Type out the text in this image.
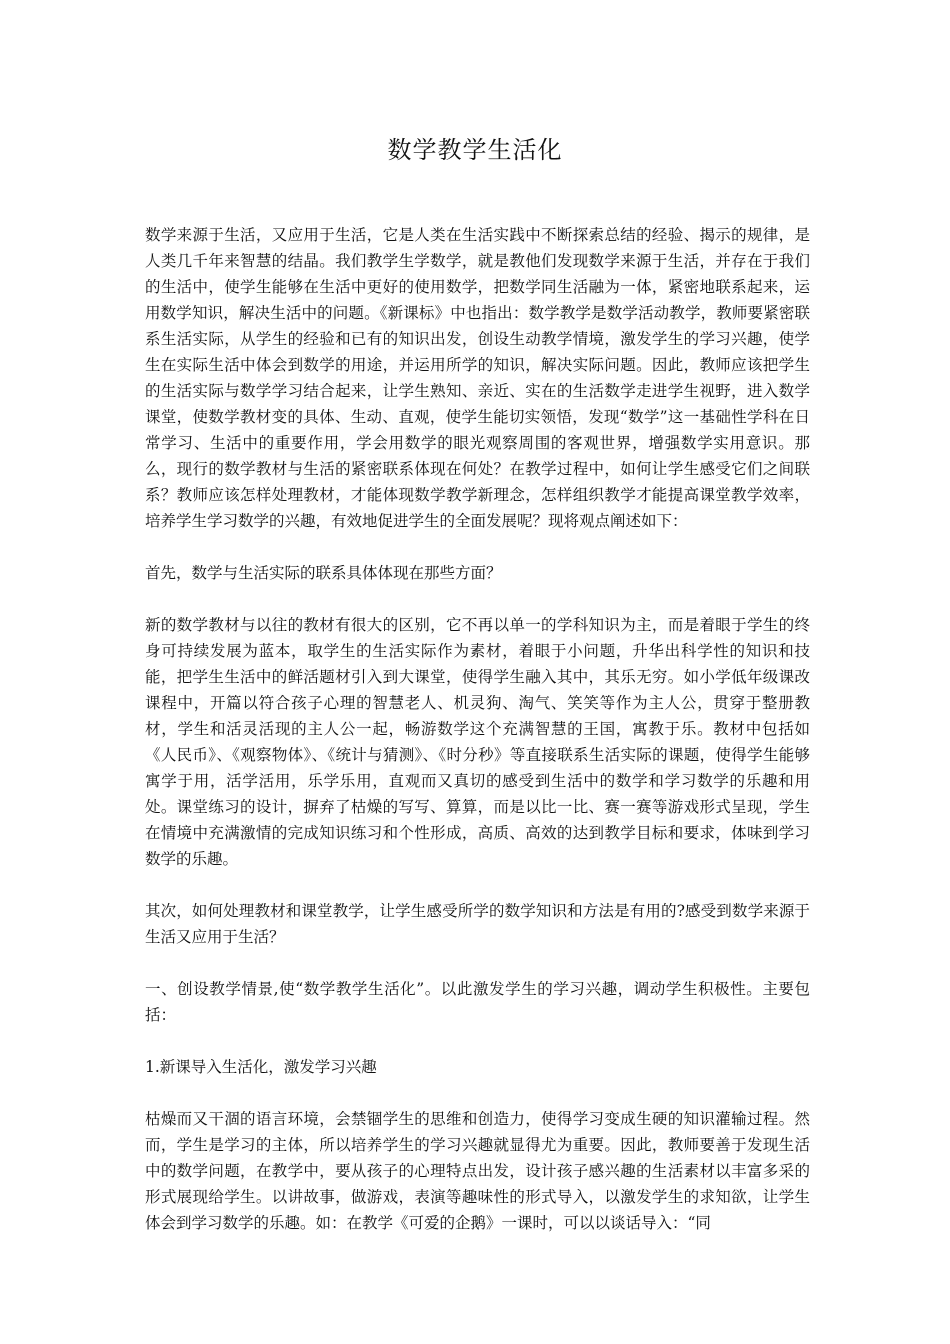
数学教学生活化

数学来源于生活，又应用于生活，它是人类在生活实践中不断探索总结的经验、揭示的规律，是人类几千年来智慧的结晶。我们教学生学数学，就是教他们发现数学来源于生活，并存在于我们的生活中，使学生能够在生活中更好的使用数学，把数学同生活融为一体，紧密地联系起来，运用数学知识，解决生活中的问题。《新课标》中也指出：数学教学是数学活动教学，教师要紧密联系生活实际，从学生的经验和已有的知识出发，创设生动教学情境，激发学生的学习兴趣，使学生在实际生活中体会到数学的用途，并运用所学的知识，解决实际问题。因此，教师应该把学生的生活实际与数学学习结合起来，让学生熟知、亲近、实在的生活数学走进学生视野，进入数学课堂，使数学教材变的具体、生动、直观，使学生能切实领悟，发现“数学”这一基础性学科在日常学习、生活中的重要作用，学会用数学的眼光观察周围的客观世界，增强数学实用意识。那么，现行的数学教材与生活的紧密联系体现在何处？在教学过程中，如何让学生感受它们之间联系？教师应该怎样处理教材，才能体现数学教学新理念，怎样组织教学才能提高课堂教学效率，培养学生学习数学的兴趣，有效地促进学生的全面发展呢？现将观点阐述如下：

首先，数学与生活实际的联系具体体现在那些方面？

新的数学教材与以往的教材有很大的区别，它不再以单一的学科知识为主，而是着眼于学生的终身可持续发展为蓝本，取学生的生活实际作为素材，着眼于小问题，升华出科学性的知识和技能，把学生生活中的鲜活题材引入到大课堂，使得学生融入其中，其乐无穷。如小学低年级课改课程中，开篇以符合孩子心理的智慧老人、机灵狗、淘气、笑笑等作为主人公，贯穿于整册教材，学生和活灵活现的主人公一起，畅游数学这个充满智慧的王国，寓教于乐。教材中包括如《人民币》、《观察物体》、《统计与猜测》、《时分秒》等直接联系生活实际的课题，使得学生能够寓学于用，活学活用，乐学乐用，直观而又真切的感受到生活中的数学和学习数学的乐趣和用处。课堂练习的设计，摒弃了枯燥的写写、算算，而是以比一比、赛一赛等游戏形式呈现，学生在情境中充满激情的完成知识练习和个性形成，高质、高效的达到教学目标和要求，体味到学习数学的乐趣。

其次，如何处理教材和课堂教学，让学生感受所学的数学知识和方法是有用的?感受到数学来源于生活又应用于生活？

一、创设教学情景,使“数学教学生活化”。以此激发学生的学习兴趣，调动学生积极性。主要包括：

1.新课导入生活化，激发学习兴趣

枯燥而又干涸的语言环境，会禁锢学生的思维和创造力，使得学习变成生硬的知识灌输过程。然而，学生是学习的主体，所以培养学生的学习兴趣就显得尤为重要。因此，教师要善于发现生活中的数学问题，在教学中，要从孩子的心理特点出发，设计孩子感兴趣的生活素材以丰富多采的形式展现给学生。以讲故事，做游戏，表演等趣味性的形式导入，以激发学生的求知欲，让学生体会到学习数学的乐趣。如：在教学《可爱的企鹅》一课时，可以以谈话导入：“同
